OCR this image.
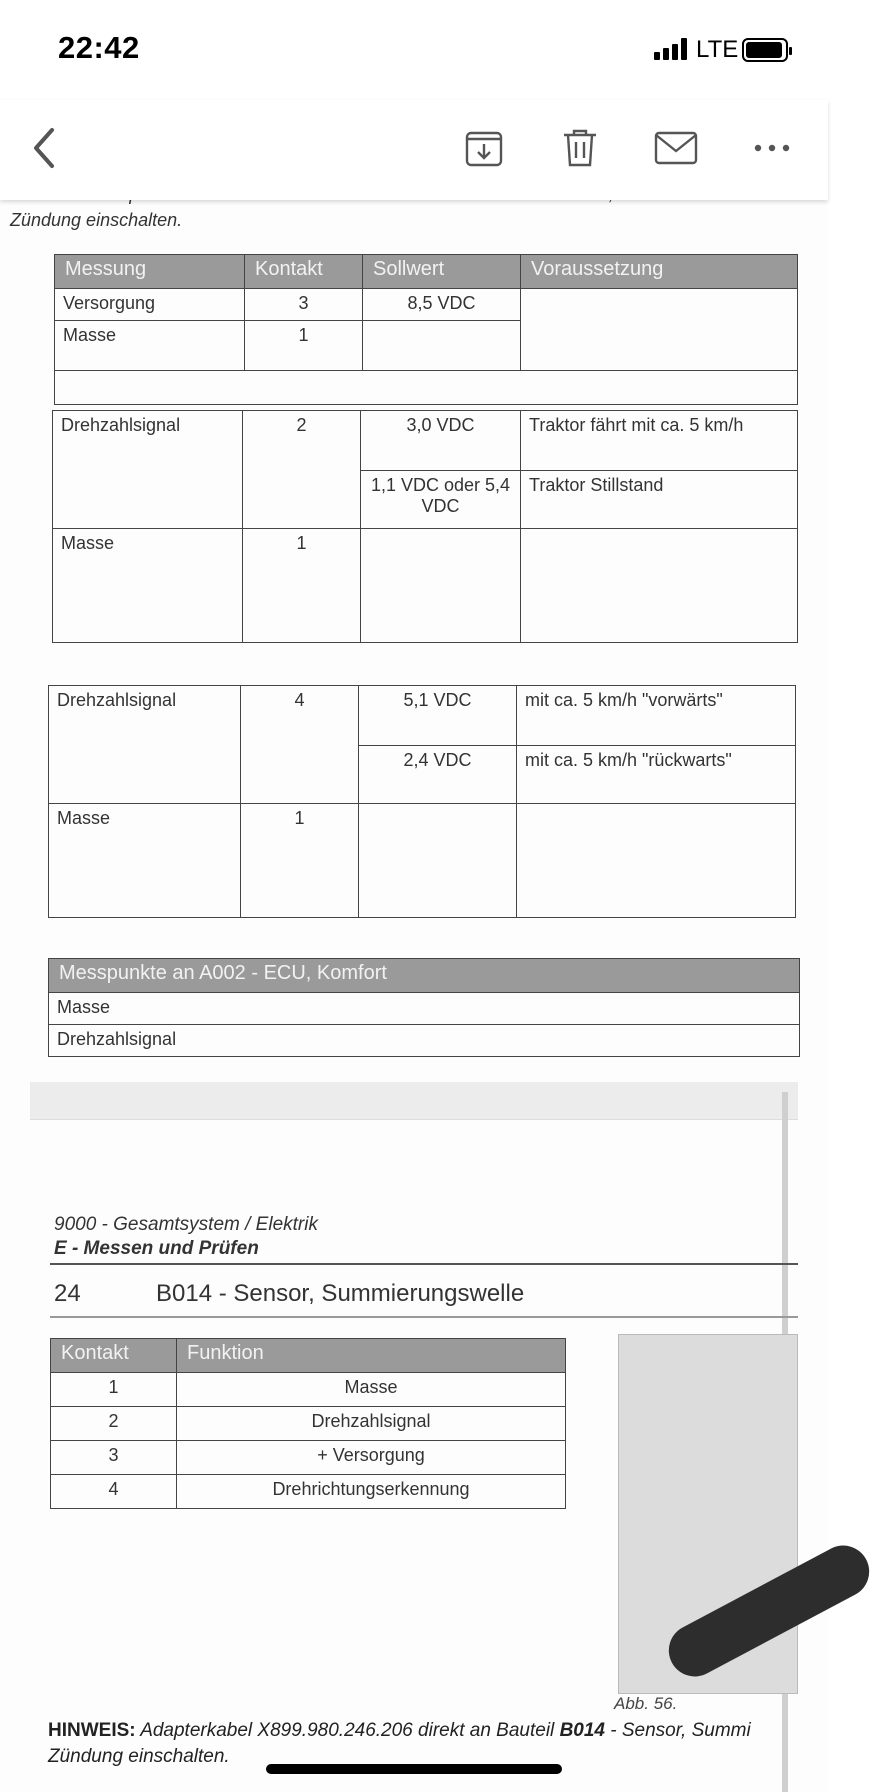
22:42	LTE
Zündung einschalten.
Messung	Kontakt	Sollwert	Voraussetzung
Versorgung	3	8,5 VDC	
Masse	1		

Drehzahlsignal	2	3,0 VDC	Traktor fährt mit ca. 5 km/h
		1,1 VDC oder 5,4 VDC	Traktor Stillstand
Masse	1		
Drehzahlsignal	4	5,1 VDC	mit ca. 5 km/h "vorwärts"
		2,4 VDC	mit ca. 5 km/h "rückwarts"
Masse	1		
Messpunkte an A002 - ECU, Komfort
Masse
Drehzahlsignal
9000 - Gesamtsystem / Elektrik
E - Messen und Prüfen
24	B014 - Sensor, Summierungswelle
Kontakt	Funktion
1	Masse
2	Drehzahlsignal
3	+ Versorgung
4	Drehrichtungserkennung
Abb. 56.
HINWEIS: Adapterkabel X899.980.246.206 direkt an Bauteil B014 - Sensor, Summi
Zündung einschalten.
